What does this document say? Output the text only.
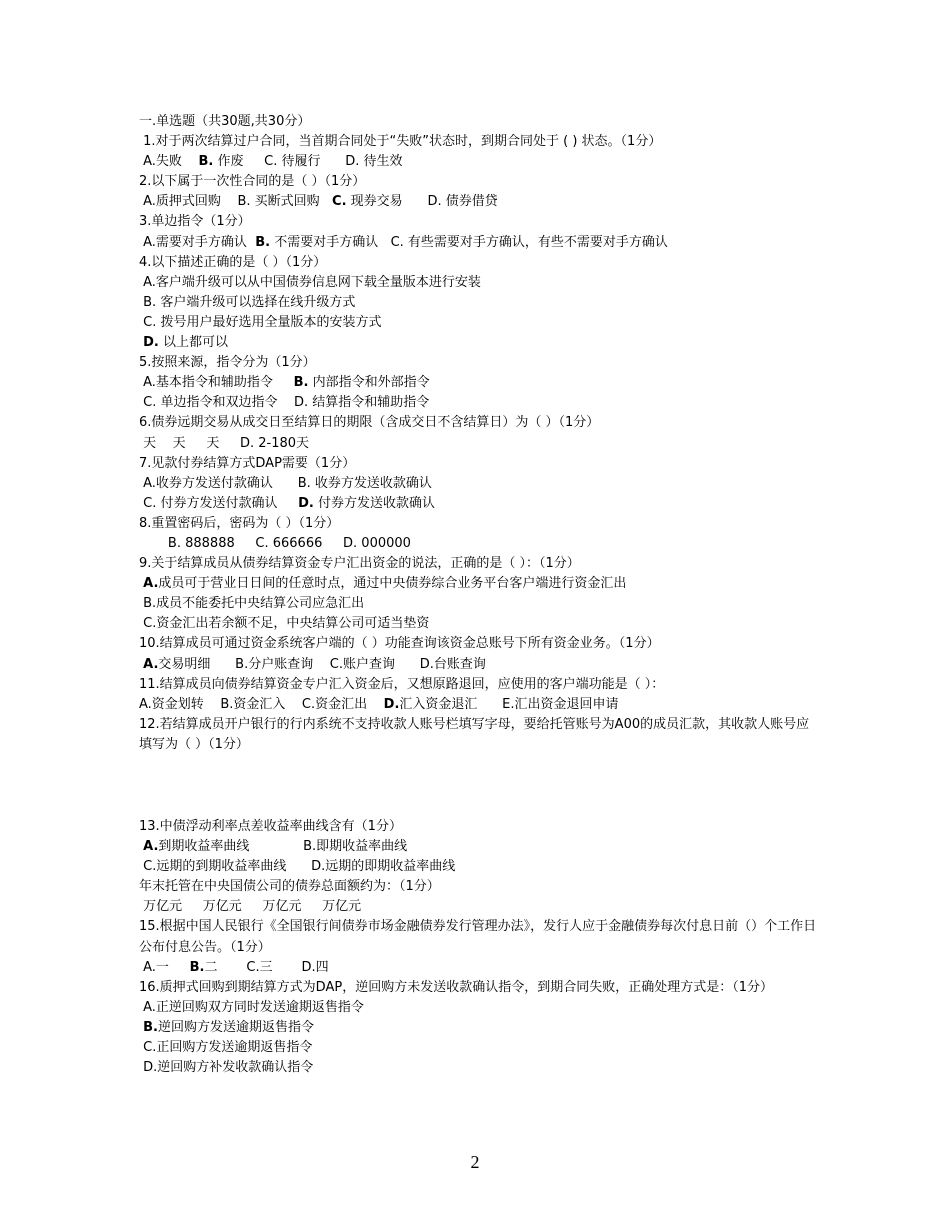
一.单选题（共30题,共30分）
1.对于两次结算过户合同，当首期合同处于“失败”状态时，到期合同处于 ( ) 状态。（1分）
A.失败    B. 作废     C. 待履行      D. 待生效
2.以下属于一次性合同的是（ ）（1分）
A.质押式回购    B. 买断式回购   C. 现券交易      D. 债券借贷
3.单边指令（1分）
A.需要对手方确认  B. 不需要对手方确认   C. 有些需要对手方确认，有些不需要对手方确认
4.以下描述正确的是（ ）（1分）
A.客户端升级可以从中国债券信息网下载全量版本进行安装
B. 客户端升级可以选择在线升级方式
C. 拨号用户最好选用全量版本的安装方式
D. 以上都可以
5.按照来源，指令分为（1分）
A.基本指令和辅助指令     B. 内部指令和外部指令
C. 单边指令和双边指令    D. 结算指令和辅助指令
6.债券远期交易从成交日至结算日的期限（含成交日不含结算日）为（ ）（1分）
天    天     天     D. 2-180天
7.见款付券结算方式DAP需要（1分）
A.收券方发送付款确认      B. 收券方发送收款确认
C. 付券方发送付款确认     D. 付券方发送收款确认
8.重置密码后，密码为（ ）（1分）
B. 888888     C. 666666     D. 000000
9.关于结算成员从债券结算资金专户汇出资金的说法，正确的是（ ）：（1分）
A.成员可于营业日日间的任意时点，通过中央债券综合业务平台客户端进行资金汇出
B.成员不能委托中央结算公司应急汇出
C.资金汇出若余额不足，中央结算公司可适当垫资
10.结算成员可通过资金系统客户端的（ ）功能查询该资金总账号下所有资金业务。（1分）
A.交易明细      B.分户账查询    C.账户查询      D.台账查询
11.结算成员向债券结算资金专户汇入资金后，又想原路退回，应使用的客户端功能是（ ）：
A.资金划转    B.资金汇入    C.资金汇出    D.汇入资金退汇      E.汇出资金退回申请
12.若结算成员开户银行的行内系统不支持收款人账号栏填写字母，要给托管账号为A00的成员汇款，其收款人账号应填写为（ ）（1分）
13.中债浮动利率点差收益率曲线含有（1分）
A.到期收益率曲线             B.即期收益率曲线
C.远期的到期收益率曲线      D.远期的即期收益率曲线
年末托管在中央国债公司的债券总面额约为：（1分）
万亿元     万亿元     万亿元     万亿元
15.根据中国人民银行《全国银行间债券市场金融债券发行管理办法》，发行人应于金融债券每次付息日前（）个工作日公布付息公告。（1分）
A.一     B.二       C.三       D.四
16.质押式回购到期结算方式为DAP，逆回购方未发送收款确认指令，到期合同失败，正确处理方式是：（1分）
A.正逆回购双方同时发送逾期返售指令
B.逆回购方发送逾期返售指令
C.正回购方发送逾期返售指令
D.逆回购方补发收款确认指令
2
